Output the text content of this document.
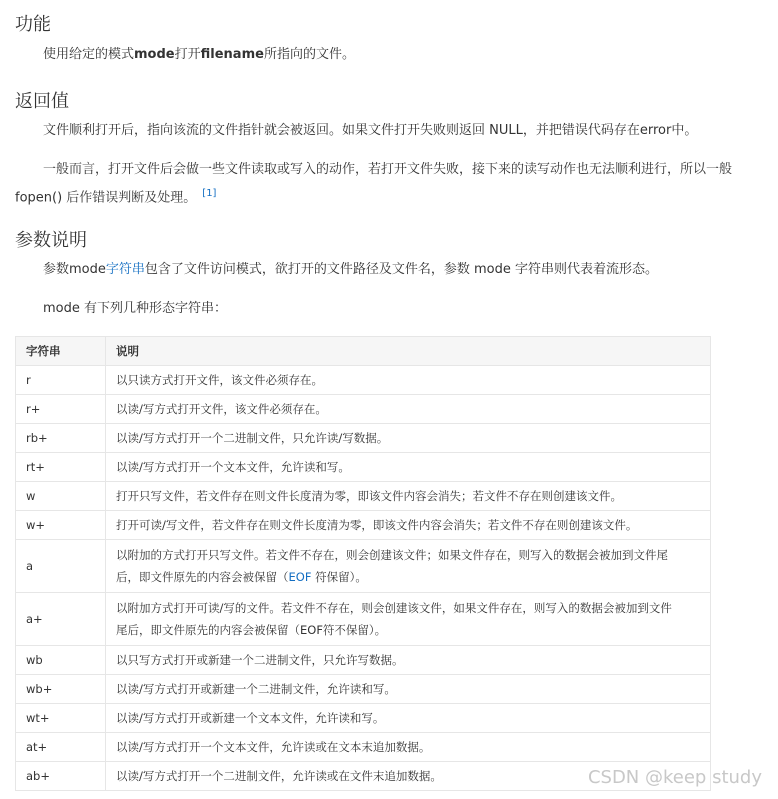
功能
使用给定的模式mode打开filename所指向的文件。
返回值
文件顺利打开后，指向该流的文件指针就会被返回。如果文件打开失败则返回 NULL，并把错误代码存在error中。
一般而言，打开文件后会做一些文件读取或写入的动作，若打开文件失败，接下来的读写动作也无法顺利进行，所以一般
fopen() 后作错误判断及处理。 [1]
参数说明
参数mode字符串包含了文件访问模式，欲打开的文件路径及文件名，参数 mode 字符串则代表着流形态。
mode 有下列几种形态字符串：
字符串	说明
r	以只读方式打开文件，该文件必须存在。
r+	以读/写方式打开文件，该文件必须存在。
rb+	以读/写方式打开一个二进制文件，只允许读/写数据。
rt+	以读/写方式打开一个文本文件，允许读和写。
w	打开只写文件，若文件存在则文件长度清为零，即该文件内容会消失；若文件不存在则创建该文件。
w+	打开可读/写文件，若文件存在则文件长度清为零，即该文件内容会消失；若文件不存在则创建该文件。
a	以附加的方式打开只写文件。若文件不存在，则会创建该文件；如果文件存在，则写入的数据会被加到文件尾
后，即文件原先的内容会被保留（EOF 符保留）。
a+	以附加方式打开可读/写的文件。若文件不存在，则会创建该文件，如果文件存在，则写入的数据会被加到文件
尾后，即文件原先的内容会被保留（EOF符不保留）。
wb	以只写方式打开或新建一个二进制文件，只允许写数据。
wb+	以读/写方式打开或新建一个二进制文件，允许读和写。
wt+	以读/写方式打开或新建一个文本文件，允许读和写。
at+	以读/写方式打开一个文本文件，允许读或在文本末追加数据。
ab+	以读/写方式打开一个二进制文件，允许读或在文件末追加数据。	CSDN @keep study
